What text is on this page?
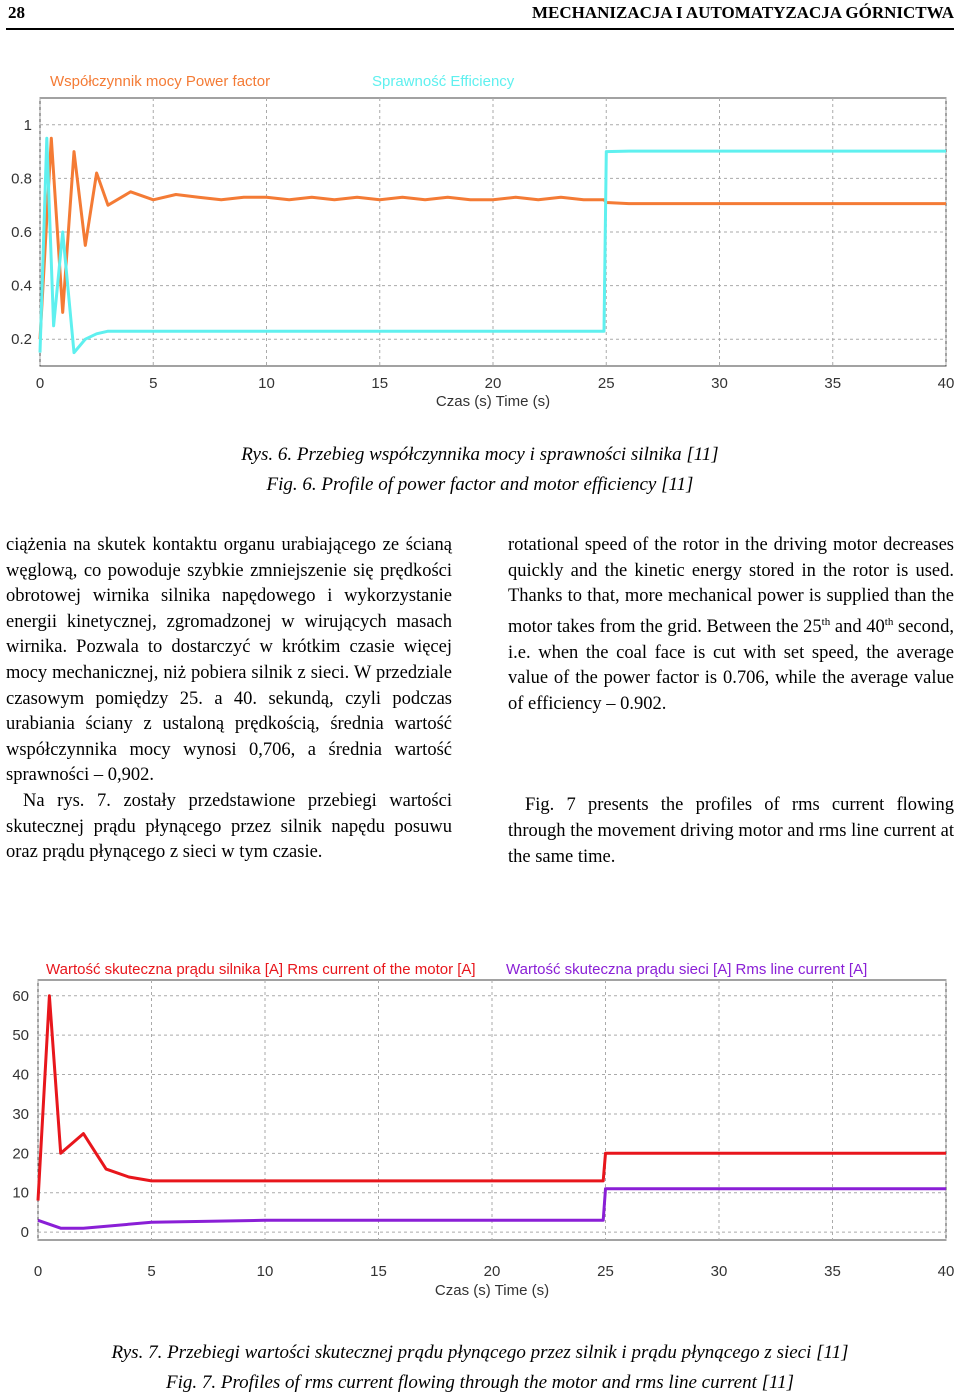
28	MECHANIZACJA I AUTOMATYZACJA GÓRNICTWA
0	5	10	15	20	25	30	35	40
0.2
0.4
0.6
0.8
1
Współczynnik mocy Power factor	Sprawność Efficiency
Czas (s) Time (s)
Rys. 6. Przebieg współczynnika mocy i sprawności silnika [11]
Fig. 6. Profile of power factor and motor efficiency [11]

ciążenia na skutek kontaktu organu urabiającego ze ścianą węglową, co powoduje szybkie zmniejszenie się prędkości obrotowej wirnika silnika napędowego i wykorzystanie energii kinetycznej, zgromadzonej w wirujących masach wirnika. Pozwala to dostarczyć w krótkim czasie więcej mocy mechanicznej, niż pobiera silnik z sieci. W przedziale czasowym pomiędzy 25. a 40. sekundą, czyli podczas urabiania ściany z ustaloną prędkością, średnia wartość współczynnika mocy wynosi 0,706, a średnia wartość sprawności – 0,902.

Na rys. 7. zostały przedstawione przebiegi wartości skutecznej prądu płynącego przez silnik napędu posuwu oraz prądu płynącego z sieci w tym czasie.

rotational speed of the rotor in the driving motor decreases quickly and the kinetic energy stored in the rotor is used. Thanks to that, more mechanical power is supplied than the motor takes from the grid. Between the 25th and 40th second, i.e. when the coal face is cut with set speed, the average value of the power factor is 0.706, while the average value of efficiency – 0.902.

Fig. 7 presents the profiles of rms current flowing through the movement driving motor and rms line current at the same time.

0	5	10	15	20	25	30	35	40
0
10
20
30
40
50
60
Wartość skuteczna prądu silnika [A] Rms current of the motor [A] Wartość skuteczna prądu sieci [A] Rms line current [A]
Czas (s) Time (s)
Rys. 7. Przebiegi wartości skutecznej prądu płynącego przez silnik i prądu płynącego z sieci [11]
Fig. 7. Profiles of rms current flowing through the motor and rms line current [11]
